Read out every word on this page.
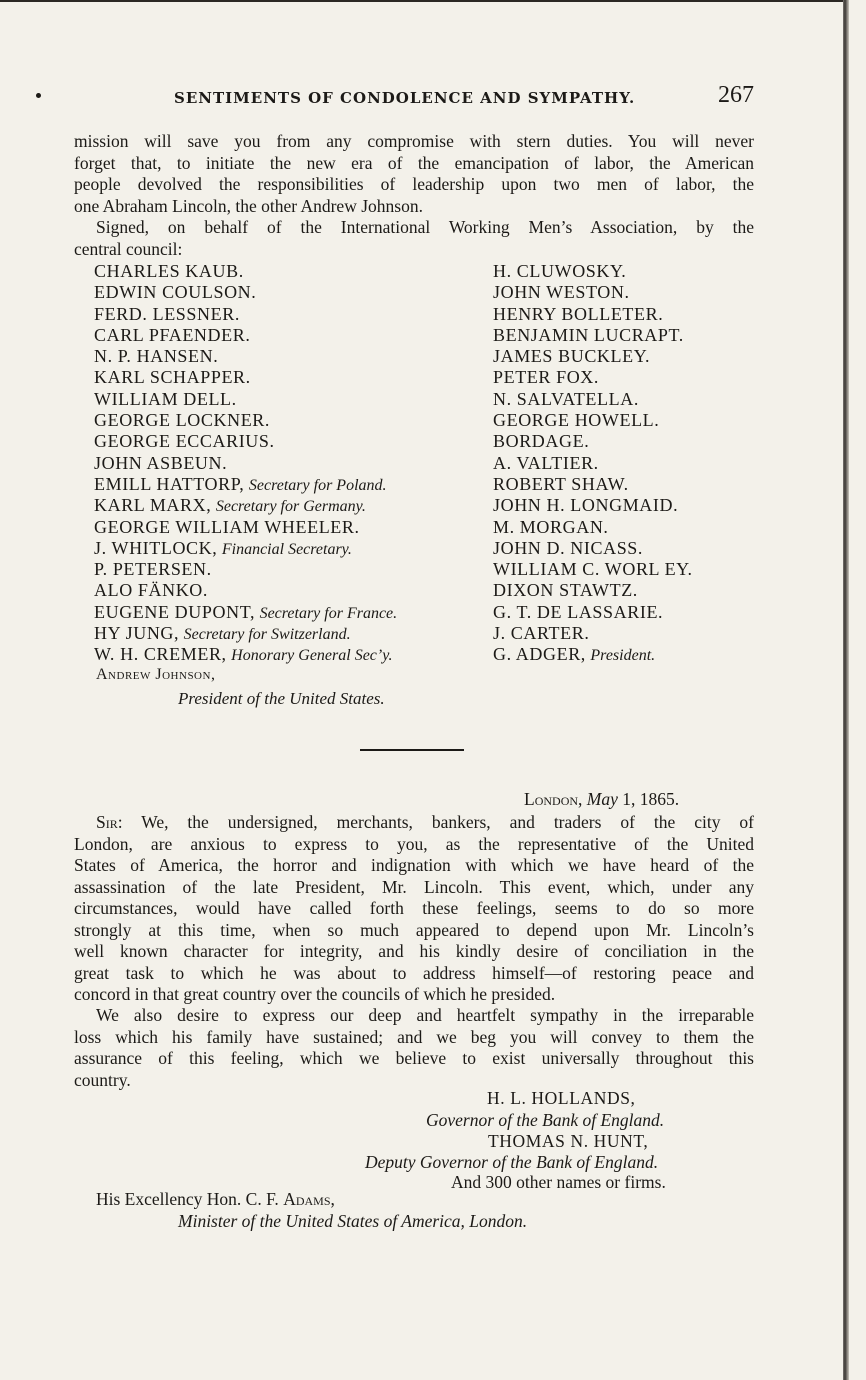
SENTIMENTS OF CONDOLENCE AND SYMPATHY.	267
mission will save you from any compromise with stern duties. You will never
forget that, to initiate the new era of the emancipation of labor, the American
people devolved the responsibilities of leadership upon two men of labor, the
one Abraham Lincoln, the other Andrew Johnson.
Signed, on behalf of the International Working Men’s Association, by the
central council:
CHARLES KAUB.	H. CLUWOSKY.
EDWIN COULSON.	JOHN WESTON.
FERD. LESSNER.	HENRY BOLLETER.
CARL PFAENDER.	BENJAMIN LUCRAPT.
N. P. HANSEN.	JAMES BUCKLEY.
KARL SCHAPPER.	PETER FOX.
WILLIAM DELL.	N. SALVATELLA.
GEORGE LOCKNER.	GEORGE HOWELL.
GEORGE ECCARIUS.	BORDAGE.
JOHN ASBEUN.	A. VALTIER.
EMILL HATTORP, Secretary for Poland.	ROBERT SHAW.
KARL MARX, Secretary for Germany.	JOHN H. LONGMAID.
GEORGE WILLIAM WHEELER.	M. MORGAN.
J. WHITLOCK, Financial Secretary.	JOHN D. NICASS.
P. PETERSEN.	WILLIAM C. WORL EY.
ALO FÄNKO.	DIXON STAWTZ.
EUGENE DUPONT, Secretary for France.	G. T. DE LASSARIE.
HY JUNG, Secretary for Switzerland.	J. CARTER.
W. H. CREMER, Honorary General Sec’y.	G. ADGER, President.
Andrew Johnson,
President of the United States.
London, May 1, 1865.
Sir: We, the undersigned, merchants, bankers, and traders of the city of
London, are anxious to express to you, as the representative of the United
States of America, the horror and indignation with which we have heard of the
assassination of the late President, Mr. Lincoln. This event, which, under any
circumstances, would have called forth these feelings, seems to do so more
strongly at this time, when so much appeared to depend upon Mr. Lincoln’s
well known character for integrity, and his kindly desire of conciliation in the
great task to which he was about to address himself—of restoring peace and
concord in that great country over the councils of which he presided.
We also desire to express our deep and heartfelt sympathy in the irreparable
loss which his family have sustained; and we beg you will convey to them the
assurance of this feeling, which we believe to exist universally throughout this
country.
H. L. HOLLANDS,
Governor of the Bank of England.
THOMAS N. HUNT,
Deputy Governor of the Bank of England.
And 300 other names or firms.
His Excellency Hon. C. F. Adams,
Minister of the United States of America, London.
